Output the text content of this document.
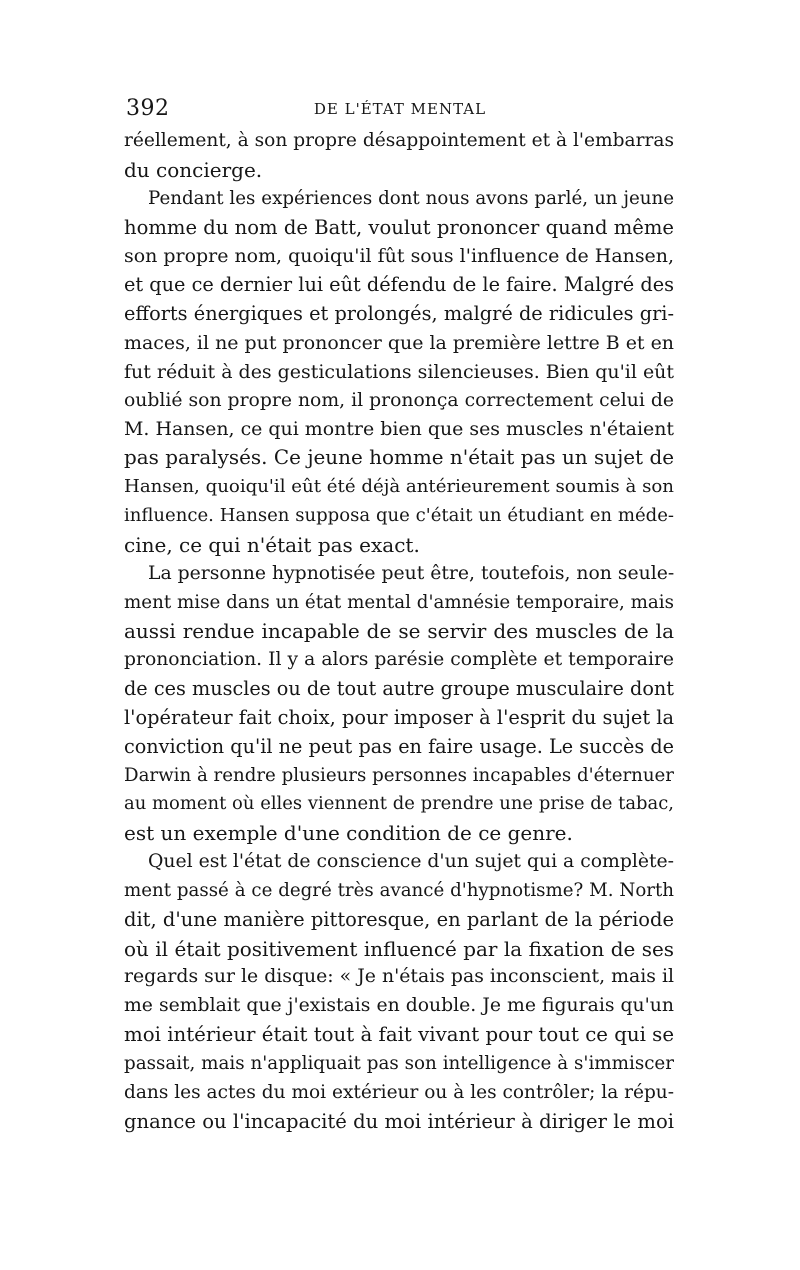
392	DE L'ÉTAT MENTAL
réellement, à son propre désappointement et à l'embarras
du concierge.
Pendant les expériences dont nous avons parlé, un jeune
homme du nom de Batt, voulut prononcer quand même
son propre nom, quoiqu'il fût sous l'influence de Hansen,
et que ce dernier lui eût défendu de le faire. Malgré des
efforts énergiques et prolongés, malgré de ridicules gri-
maces, il ne put prononcer que la première lettre B et en
fut réduit à des gesticulations silencieuses. Bien qu'il eût
oublié son propre nom, il prononça correctement celui de
M. Hansen, ce qui montre bien que ses muscles n'étaient
pas paralysés. Ce jeune homme n'était pas un sujet de
Hansen, quoiqu'il eût été déjà antérieurement soumis à son
influence. Hansen supposa que c'était un étudiant en méde-
cine, ce qui n'était pas exact.
La personne hypnotisée peut être, toutefois, non seule-
ment mise dans un état mental d'amnésie temporaire, mais
aussi rendue incapable de se servir des muscles de la
prononciation. Il y a alors parésie complète et temporaire
de ces muscles ou de tout autre groupe musculaire dont
l'opérateur fait choix, pour imposer à l'esprit du sujet la
conviction qu'il ne peut pas en faire usage. Le succès de
Darwin à rendre plusieurs personnes incapables d'éternuer
au moment où elles viennent de prendre une prise de tabac,
est un exemple d'une condition de ce genre.
Quel est l'état de conscience d'un sujet qui a complète-
ment passé à ce degré très avancé d'hypnotisme? M. North
dit, d'une manière pittoresque, en parlant de la période
où il était positivement influencé par la fixation de ses
regards sur le disque: « Je n'étais pas inconscient, mais il
me semblait que j'existais en double. Je me figurais qu'un
moi intérieur était tout à fait vivant pour tout ce qui se
passait, mais n'appliquait pas son intelligence à s'immiscer
dans les actes du moi extérieur ou à les contrôler; la répu-
gnance ou l'incapacité du moi intérieur à diriger le moi
